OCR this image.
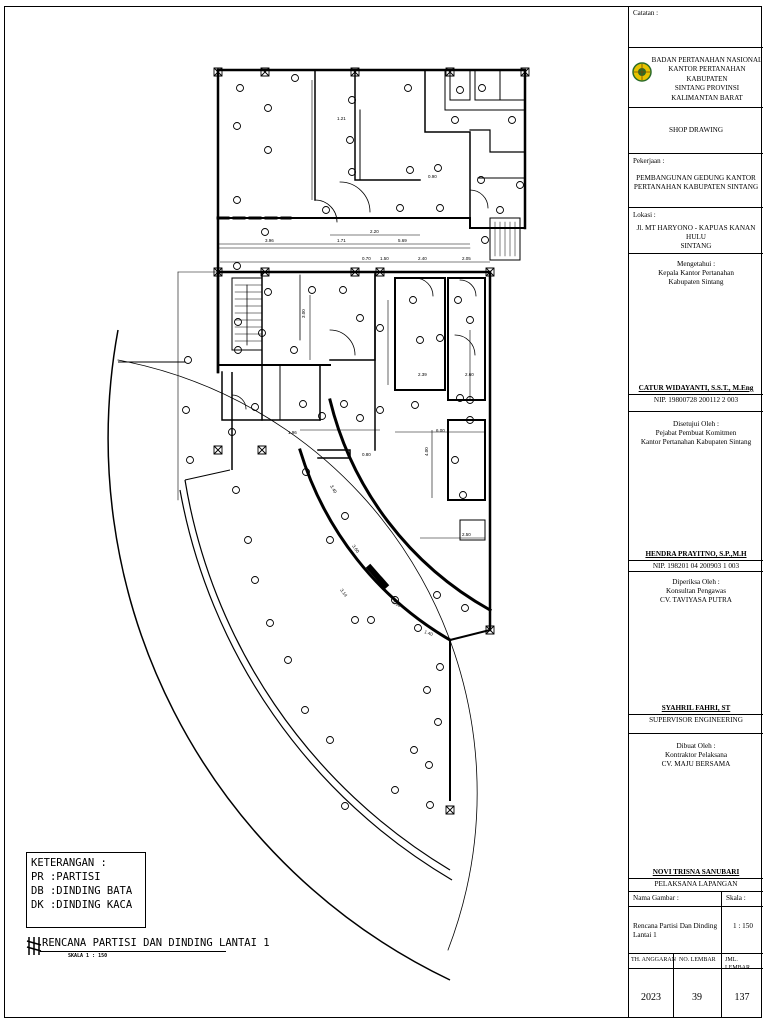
3.96	1.71	5.69
2.20
0.70 1.50	2.40	2.05
2.39	2.60
1.96
0.80
6.00
2.50
1.21
0.90
3.60
3.40
1.90
1.40
3.00
4.00
3.14
KETERANGAN :
PR :PARTISI
DB :DINDING BATA
DK :DINDING KACA
RENCANA PARTISI DAN DINDING LANTAI 1
SKALA 1 : 150
Catatan :
BADAN PERTANAHAN NASIONAL
KANTOR PERTANAHAN KABUPATEN
SINTANG PROVINSI KALIMANTAN BARAT
SHOP DRAWING
Pekerjaan :
PEMBANGUNAN GEDUNG KANTOR
PERTANAHAN KABUPATEN SINTANG
Lokasi :
Jl. MT HARYONO - KAPUAS KANAN HULU
SINTANG
Mengetahui :
Kepala Kantor Pertanahan
Kabupaten Sintang
CATUR WIDAYANTI, S.S.T., M.Eng
NIP. 19800728 200112 2 003
Disetujui Oleh :
Pejabat Pembuat Komitmen
Kantor Pertanahan Kabupaten Sintang
HENDRA PRAYITNO, S.P.,M.H
NIP. 198201 04 200903 1 003
Diperiksa Oleh :
Konsultan Pengawas
CV. TAVIYASA PUTRA
SYAHRIL FAHRI, ST
SUPERVISOR ENGINEERING
Dibuat Oleh :
Kontraktor Pelaksana
CV. MAJU BERSAMA
NOVI TRISNA SANUBARI
PELAKSANA LAPANGAN
Nama Gambar :	Skala :
Rencana Partisi Dan Dinding
Lantai 1
1 : 150
TH. ANGGARAN NO. LEMBAR JML. LEMBAR
2023	39	137
